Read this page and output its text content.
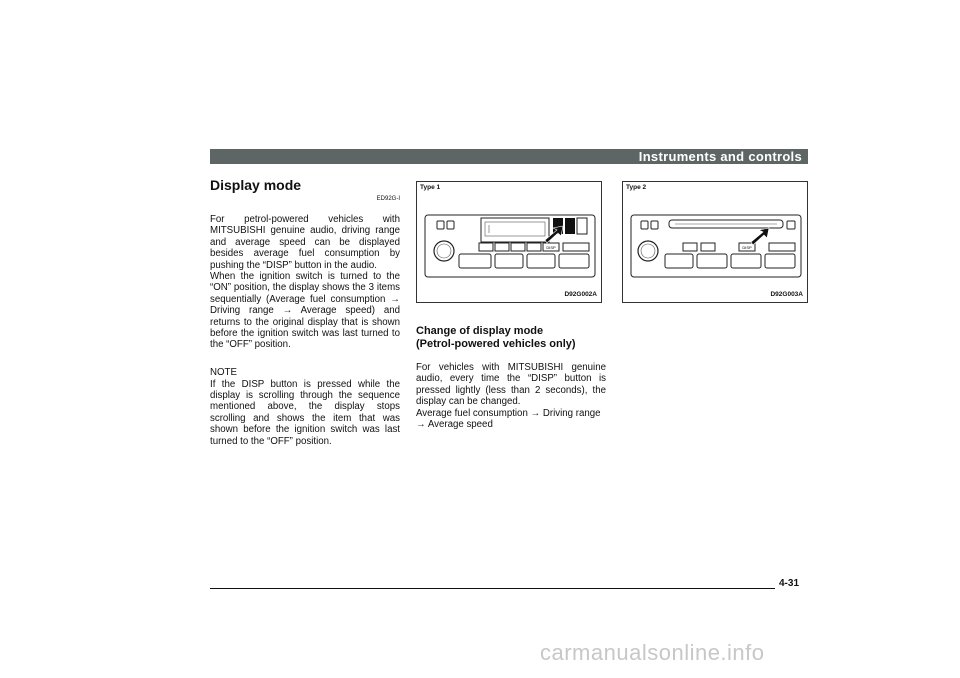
Instruments and controls
Display mode
ED92G-I
For petrol-powered vehicles with MITSUBISHI genuine audio, driving range and average speed can be displayed besides average fuel consumption by pushing the “DISP” button in the audio.
When the ignition switch is turned to the “ON” position, the display shows the 3 items sequentially (Average fuel consumption → Driving range → Average speed) and returns to the original display that is shown before the ignition switch was last turned to the “OFF” position.
NOTE
If the DISP button is pressed while the display is scrolling through the sequence mentioned above, the display stops scrolling and shows the item that was shown before the ignition switch was last turned to the “OFF” position.
Type 1
DISP
D92G002A
Type 2
DISP
D92G003A
Change of display mode
(Petrol-powered vehicles only)
For vehicles with MITSUBISHI genuine audio, every time the “DISP” button is pressed lightly (less than 2 seconds), the display can be changed.
Average fuel consumption → Driving range → Average speed
4-31
carmanualsonline.info
